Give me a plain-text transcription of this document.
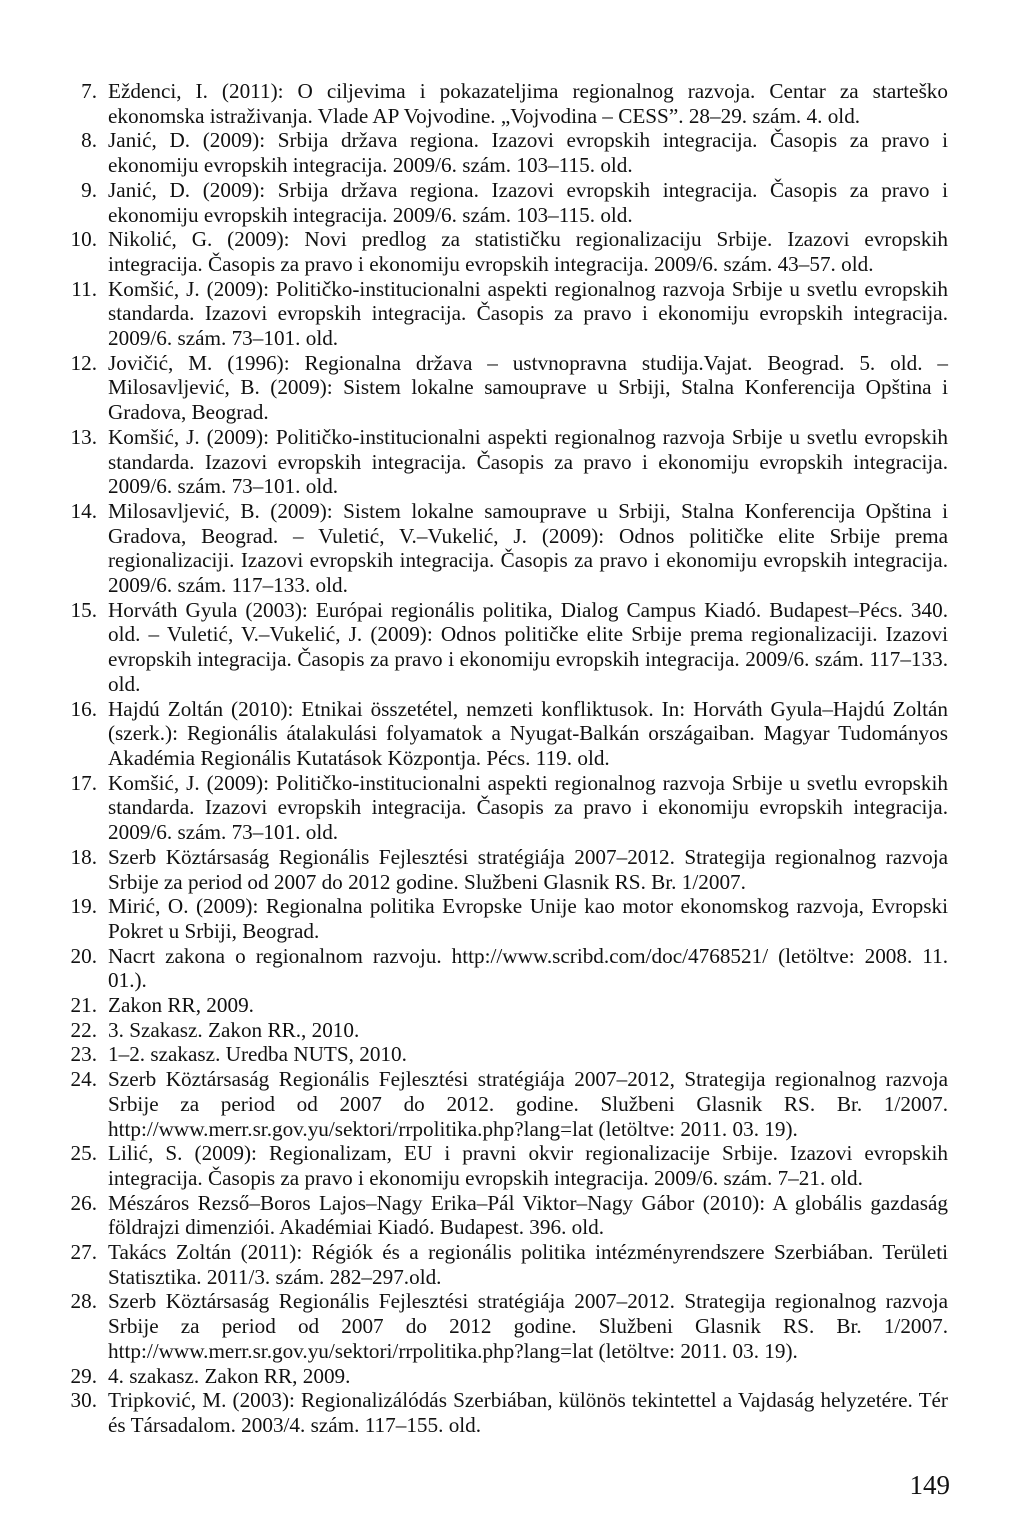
7. Eždenci, I. (2011): O ciljevima i pokazateljima regionalnog razvoja. Centar za starteško ekonomska istraživanja. Vlade AP Vojvodine. „Vojvodina – CESS”. 28–29. szám. 4. old.
8. Janić, D. (2009): Srbija država regiona. Izazovi evropskih integracija. Časopis za pravo i ekonomiju evropskih integracija. 2009/6. szám. 103–115. old.
9. Janić, D. (2009): Srbija država regiona. Izazovi evropskih integracija. Časopis za pravo i ekonomiju evropskih integracija. 2009/6. szám. 103–115. old.
10. Nikolić, G. (2009): Novi predlog za statističku regionalizaciju Srbije. Izazovi evropskih integracija. Časopis za pravo i ekonomiju evropskih integracija. 2009/6. szám. 43–57. old.
11. Komšić, J. (2009): Političko-institucionalni aspekti regionalnog razvoja Srbije u svetlu evropskih standarda. Izazovi evropskih integracija. Časopis za pravo i ekonomiju evropskih integracija. 2009/6. szám. 73–101. old.
12. Jovičić, M. (1996): Regionalna država – ustvnopravna studija.Vajat. Beograd. 5. old. – Milosavljević, B. (2009): Sistem lokalne samouprave u Srbiji, Stalna Konferencija Opština i Gradova, Beograd.
13. Komšić, J. (2009): Političko-institucionalni aspekti regionalnog razvoja Srbije u svetlu evropskih standarda. Izazovi evropskih integracija. Časopis za pravo i ekonomiju evropskih integracija. 2009/6. szám. 73–101. old.
14. Milosavljević, B. (2009): Sistem lokalne samouprave u Srbiji, Stalna Konferencija Opština i Gradova, Beograd. – Vuletić, V.–Vukelić, J. (2009): Odnos političke elite Srbije prema regionalizaciji. Izazovi evropskih integracija. Časopis za pravo i ekonomiju evropskih integracija. 2009/6. szám. 117–133. old.
15. Horváth Gyula (2003): Európai regionális politika, Dialog Campus Kiadó. Budapest–Pécs. 340. old. – Vuletić, V.–Vukelić, J. (2009): Odnos političke elite Srbije prema regionalizaciji. Izazovi evropskih integracija. Časopis za pravo i ekonomiju evropskih integracija. 2009/6. szám. 117–133. old.
16. Hajdú Zoltán (2010): Etnikai összetétel, nemzeti konfliktusok. In: Horváth Gyula–Hajdú Zoltán (szerk.): Regionális átalakulási folyamatok a Nyugat-Balkán országaiban. Magyar Tudományos Akadémia Regionális Kutatások Központja. Pécs. 119. old.
17. Komšić, J. (2009): Političko-institucionalni aspekti regionalnog razvoja Srbije u svetlu evropskih standarda. Izazovi evropskih integracija. Časopis za pravo i ekonomiju evropskih integracija. 2009/6. szám. 73–101. old.
18. Szerb Köztársaság Regionális Fejlesztési stratégiája 2007–2012. Strategija regionalnog razvoja Srbije za period od 2007 do 2012 godine. Službeni Glasnik RS. Br. 1/2007.
19. Mirić, O. (2009): Regionalna politika Evropske Unije kao motor ekonomskog razvoja, Evropski Pokret u Srbiji, Beograd.
20. Nacrt zakona o regionalnom razvoju. http://www.scribd.com/doc/4768521/ (letöltve: 2008. 11. 01.).
21. Zakon RR, 2009.
22. 3. Szakasz. Zakon RR., 2010.
23. 1–2. szakasz. Uredba NUTS, 2010.
24. Szerb Köztársaság Regionális Fejlesztési stratégiája 2007–2012, Strategija regionalnog razvoja Srbije za period od 2007 do 2012. godine. Službeni Glasnik RS. Br. 1/2007. http://www.merr.sr.gov.yu/sektori/rrpolitika.php?lang=lat (letöltve: 2011. 03. 19).
25. Lilić, S. (2009): Regionalizam, EU i pravni okvir regionalizacije Srbije. Izazovi evropskih integracija. Časopis za pravo i ekonomiju evropskih integracija. 2009/6. szám. 7–21. old.
26. Mészáros Rezső–Boros Lajos–Nagy Erika–Pál Viktor–Nagy Gábor (2010): A globális gazdaság földrajzi dimenziói. Akadémiai Kiadó. Budapest. 396. old.
27. Takács Zoltán (2011): Régiók és a regionális politika intézményrendszere Szerbiában. Területi Statisztika. 2011/3. szám. 282–297.old.
28. Szerb Köztársaság Regionális Fejlesztési stratégiája 2007–2012. Strategija regionalnog razvoja Srbije za period od 2007 do 2012 godine. Službeni Glasnik RS. Br. 1/2007. http://www.merr.sr.gov.yu/sektori/rrpolitika.php?lang=lat (letöltve: 2011. 03. 19).
29. 4. szakasz. Zakon RR, 2009.
30. Tripković, M. (2003): Regionalizálódás Szerbiában, különös tekintettel a Vajdaság helyzetére. Tér és Társadalom. 2003/4. szám. 117–155. old.
149
